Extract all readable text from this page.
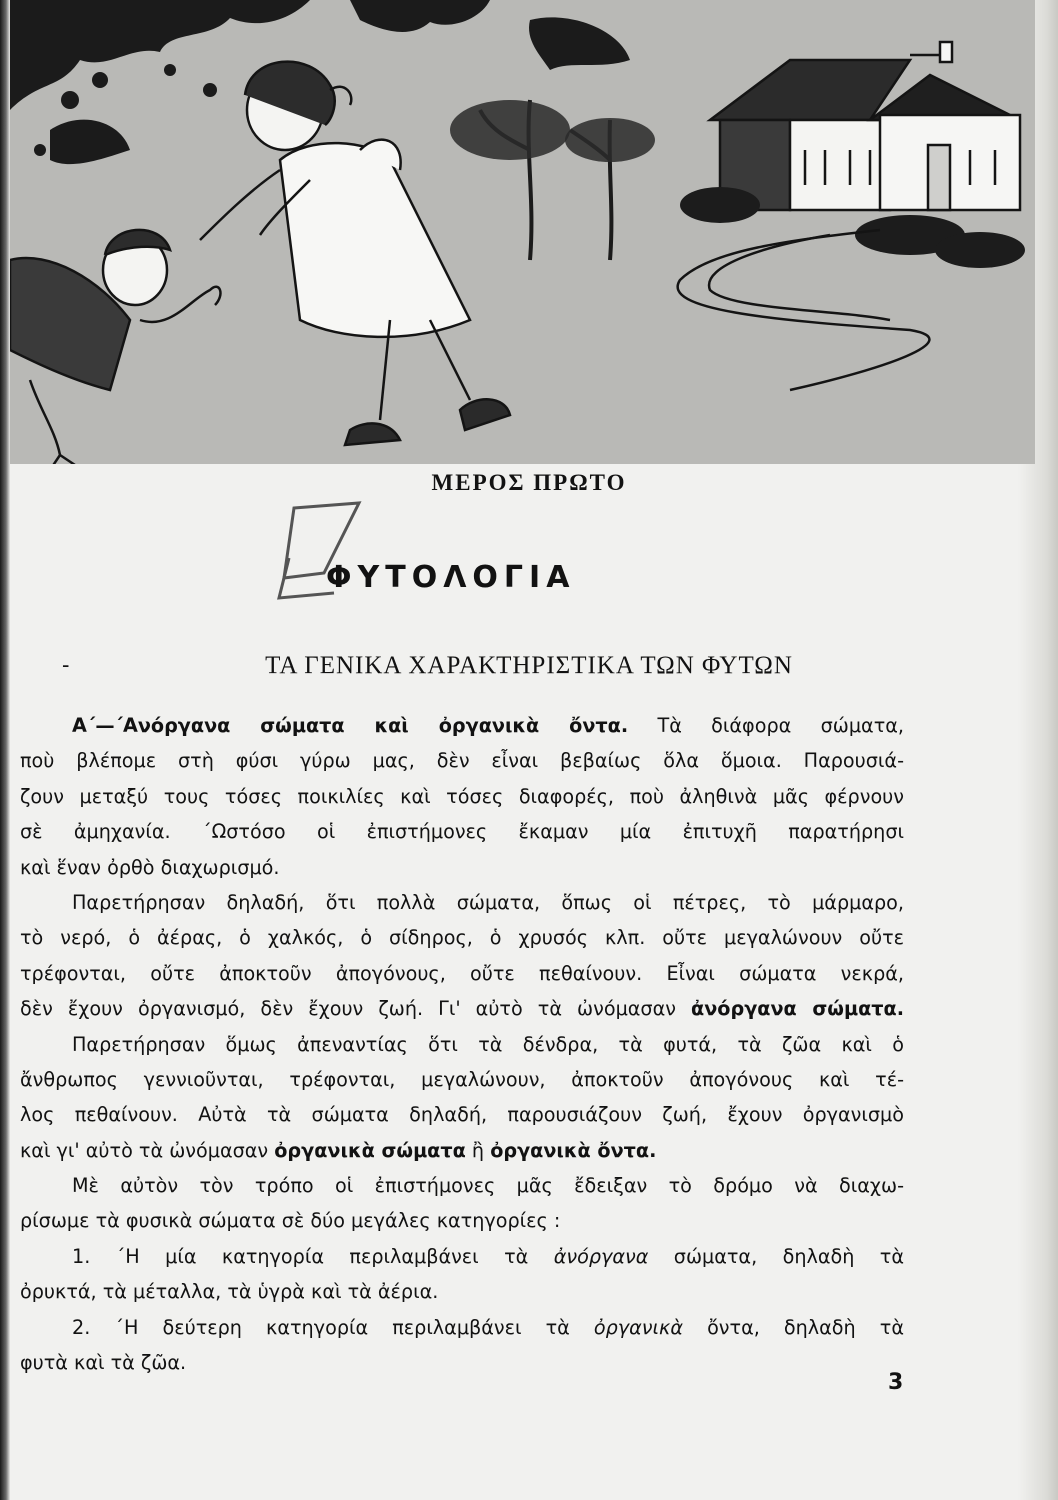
ΜΕΡΟΣ ΠΡΩΤΟ
ΦΥΤΟΛΟΓΙΑ
-	ΤΑ ΓΕΝΙΚΑ ΧΑΡΑΚΤΗΡΙΣΤΙΚΑ ΤΩΝ ΦΥΤΩΝ
Α΄—΄Ανόργανα σώματα καὶ ὀργανικὰ ὄντα. Τὰ διάφορα σώματα,
ποὺ βλέπομε στὴ φύσι γύρω μας, δὲν εἶναι βεβαίως ὅλα ὅμοια. Παρουσιά-
ζουν μεταξύ τους τόσες ποικιλίες καὶ τόσες διαφορές, ποὺ ἀληθινὰ μᾶς φέρνουν
σὲ ἀμηχανία. ΄Ωστόσο οἱ ἐπιστήμονες ἔκαμαν μία ἐπιτυχῆ παρατήρησι
καὶ ἕναν ὀρθὸ διαχωρισμό.
Παρετήρησαν δηλαδή, ὅτι πολλὰ σώματα, ὅπως οἱ πέτρες, τὸ μάρμαρο,
τὸ νερό, ὁ ἀέρας, ὁ χαλκός, ὁ σίδηρος, ὁ χρυσός κλπ. οὔτε μεγαλώνουν οὔτε
τρέφονται, οὔτε ἀποκτοῦν ἀπογόνους, οὔτε πεθαίνουν. Εἶναι σώματα νεκρά,
δὲν ἔχουν ὀργανισμό, δὲν ἔχουν ζωή. Γι' αὐτὸ τὰ ὠνόμασαν ἀνόργανα σώματα.
Παρετήρησαν ὅμως ἀπεναντίας ὅτι τὰ δένδρα, τὰ φυτά, τὰ ζῶα καὶ ὁ
ἄνθρωπος γεννιοῦνται, τρέφονται, μεγαλώνουν, ἀποκτοῦν ἀπογόνους καὶ τέ-
λος πεθαίνουν. Αὐτὰ τὰ σώματα δηλαδή, παρουσιάζουν ζωή, ἔχουν ὀργανισμὸ
καὶ γι' αὐτὸ τὰ ὠνόμασαν ὀργανικὰ σώματα ἢ ὀργανικὰ ὄντα.
Μὲ αὐτὸν τὸν τρόπο οἱ ἐπιστήμονες μᾶς ἔδειξαν τὸ δρόμο νὰ διαχω-
ρίσωμε τὰ φυσικὰ σώματα σὲ δύο μεγάλες κατηγορίες :
1. ΄Η μία κατηγορία περιλαμβάνει τὰ ἀνόργανα σώματα, δηλαδὴ τὰ
ὀρυκτά, τὰ μέταλλα, τὰ ὑγρὰ καὶ τὰ ἀέρια.
2. ΄Η δεύτερη κατηγορία περιλαμβάνει τὰ ὀργανικὰ ὄντα, δηλαδὴ τὰ
φυτὰ καὶ τὰ ζῶα.
3
